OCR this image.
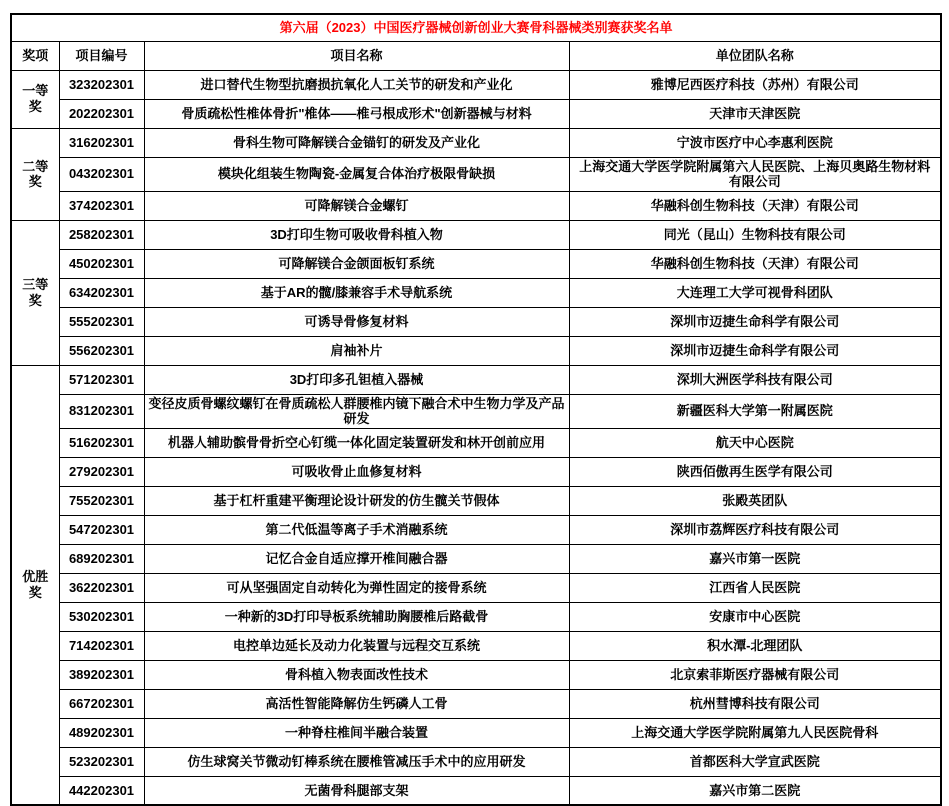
第六届（2023）中国医疗器械创新创业大赛骨科器械类别赛获奖名单			
奖项	项目编号	项目名称	单位团队名称
一等奖	323202301	进口替代生物型抗磨损抗氧化人工关节的研发和产业化	雅博尼西医疗科技（苏州）有限公司
	202202301	骨质疏松性椎体骨折"椎体——椎弓根成形术"创新器械与材料	天津市天津医院
二等奖	316202301	骨科生物可降解镁合金锚钉的研发及产业化	宁波市医疗中心李惠利医院
	043202301	模块化组装生物陶瓷-金属复合体治疗极限骨缺损	上海交通大学医学院附属第六人民医院、上海贝奥路生物材料有限公司
	374202301	可降解镁合金螺钉	华融科创生物科技（天津）有限公司
三等奖	258202301	3D打印生物可吸收骨科植入物	同光（昆山）生物科技有限公司
	450202301	可降解镁合金颌面板钉系统	华融科创生物科技（天津）有限公司
	634202301	基于AR的髋/膝兼容手术导航系统	大连理工大学可视骨科团队
	555202301	可诱导骨修复材料	深圳市迈捷生命科学有限公司
	556202301	肩袖补片	深圳市迈捷生命科学有限公司
优胜奖	571202301	3D打印多孔钽植入器械	深圳大洲医学科技有限公司
	831202301	变径皮质骨螺纹螺钉在骨质疏松人群腰椎内镜下融合术中生物力学及产品研发	新疆医科大学第一附属医院
	516202301	机器人辅助髌骨骨折空心钉缆一体化固定装置研发和林开创前应用	航天中心医院
	279202301	可吸收骨止血修复材料	陕西佰傲再生医学有限公司
	755202301	基于杠杆重建平衡理论设计研发的仿生髋关节假体	张殿英团队
	547202301	第二代低温等离子手术消融系统	深圳市荔辉医疗科技有限公司
	689202301	记忆合金自适应撑开椎间融合器	嘉兴市第一医院
	362202301	可从坚强固定自动转化为弹性固定的接骨系统	江西省人民医院
	530202301	一种新的3D打印导板系统辅助胸腰椎后路截骨	安康市中心医院
	714202301	电控单边延长及动力化装置与远程交互系统	积水潭-北理团队
	389202301	骨科植入物表面改性技术	北京索菲斯医疗器械有限公司
	667202301	高活性智能降解仿生钙磷人工骨	杭州彗博科技有限公司
	489202301	一种脊柱椎间半融合装置	上海交通大学医学院附属第九人民医院骨科
	523202301	仿生球窝关节微动钉棒系统在腰椎管减压手术中的应用研发	首都医科大学宣武医院
	442202301	无菌骨科腿部支架	嘉兴市第二医院
